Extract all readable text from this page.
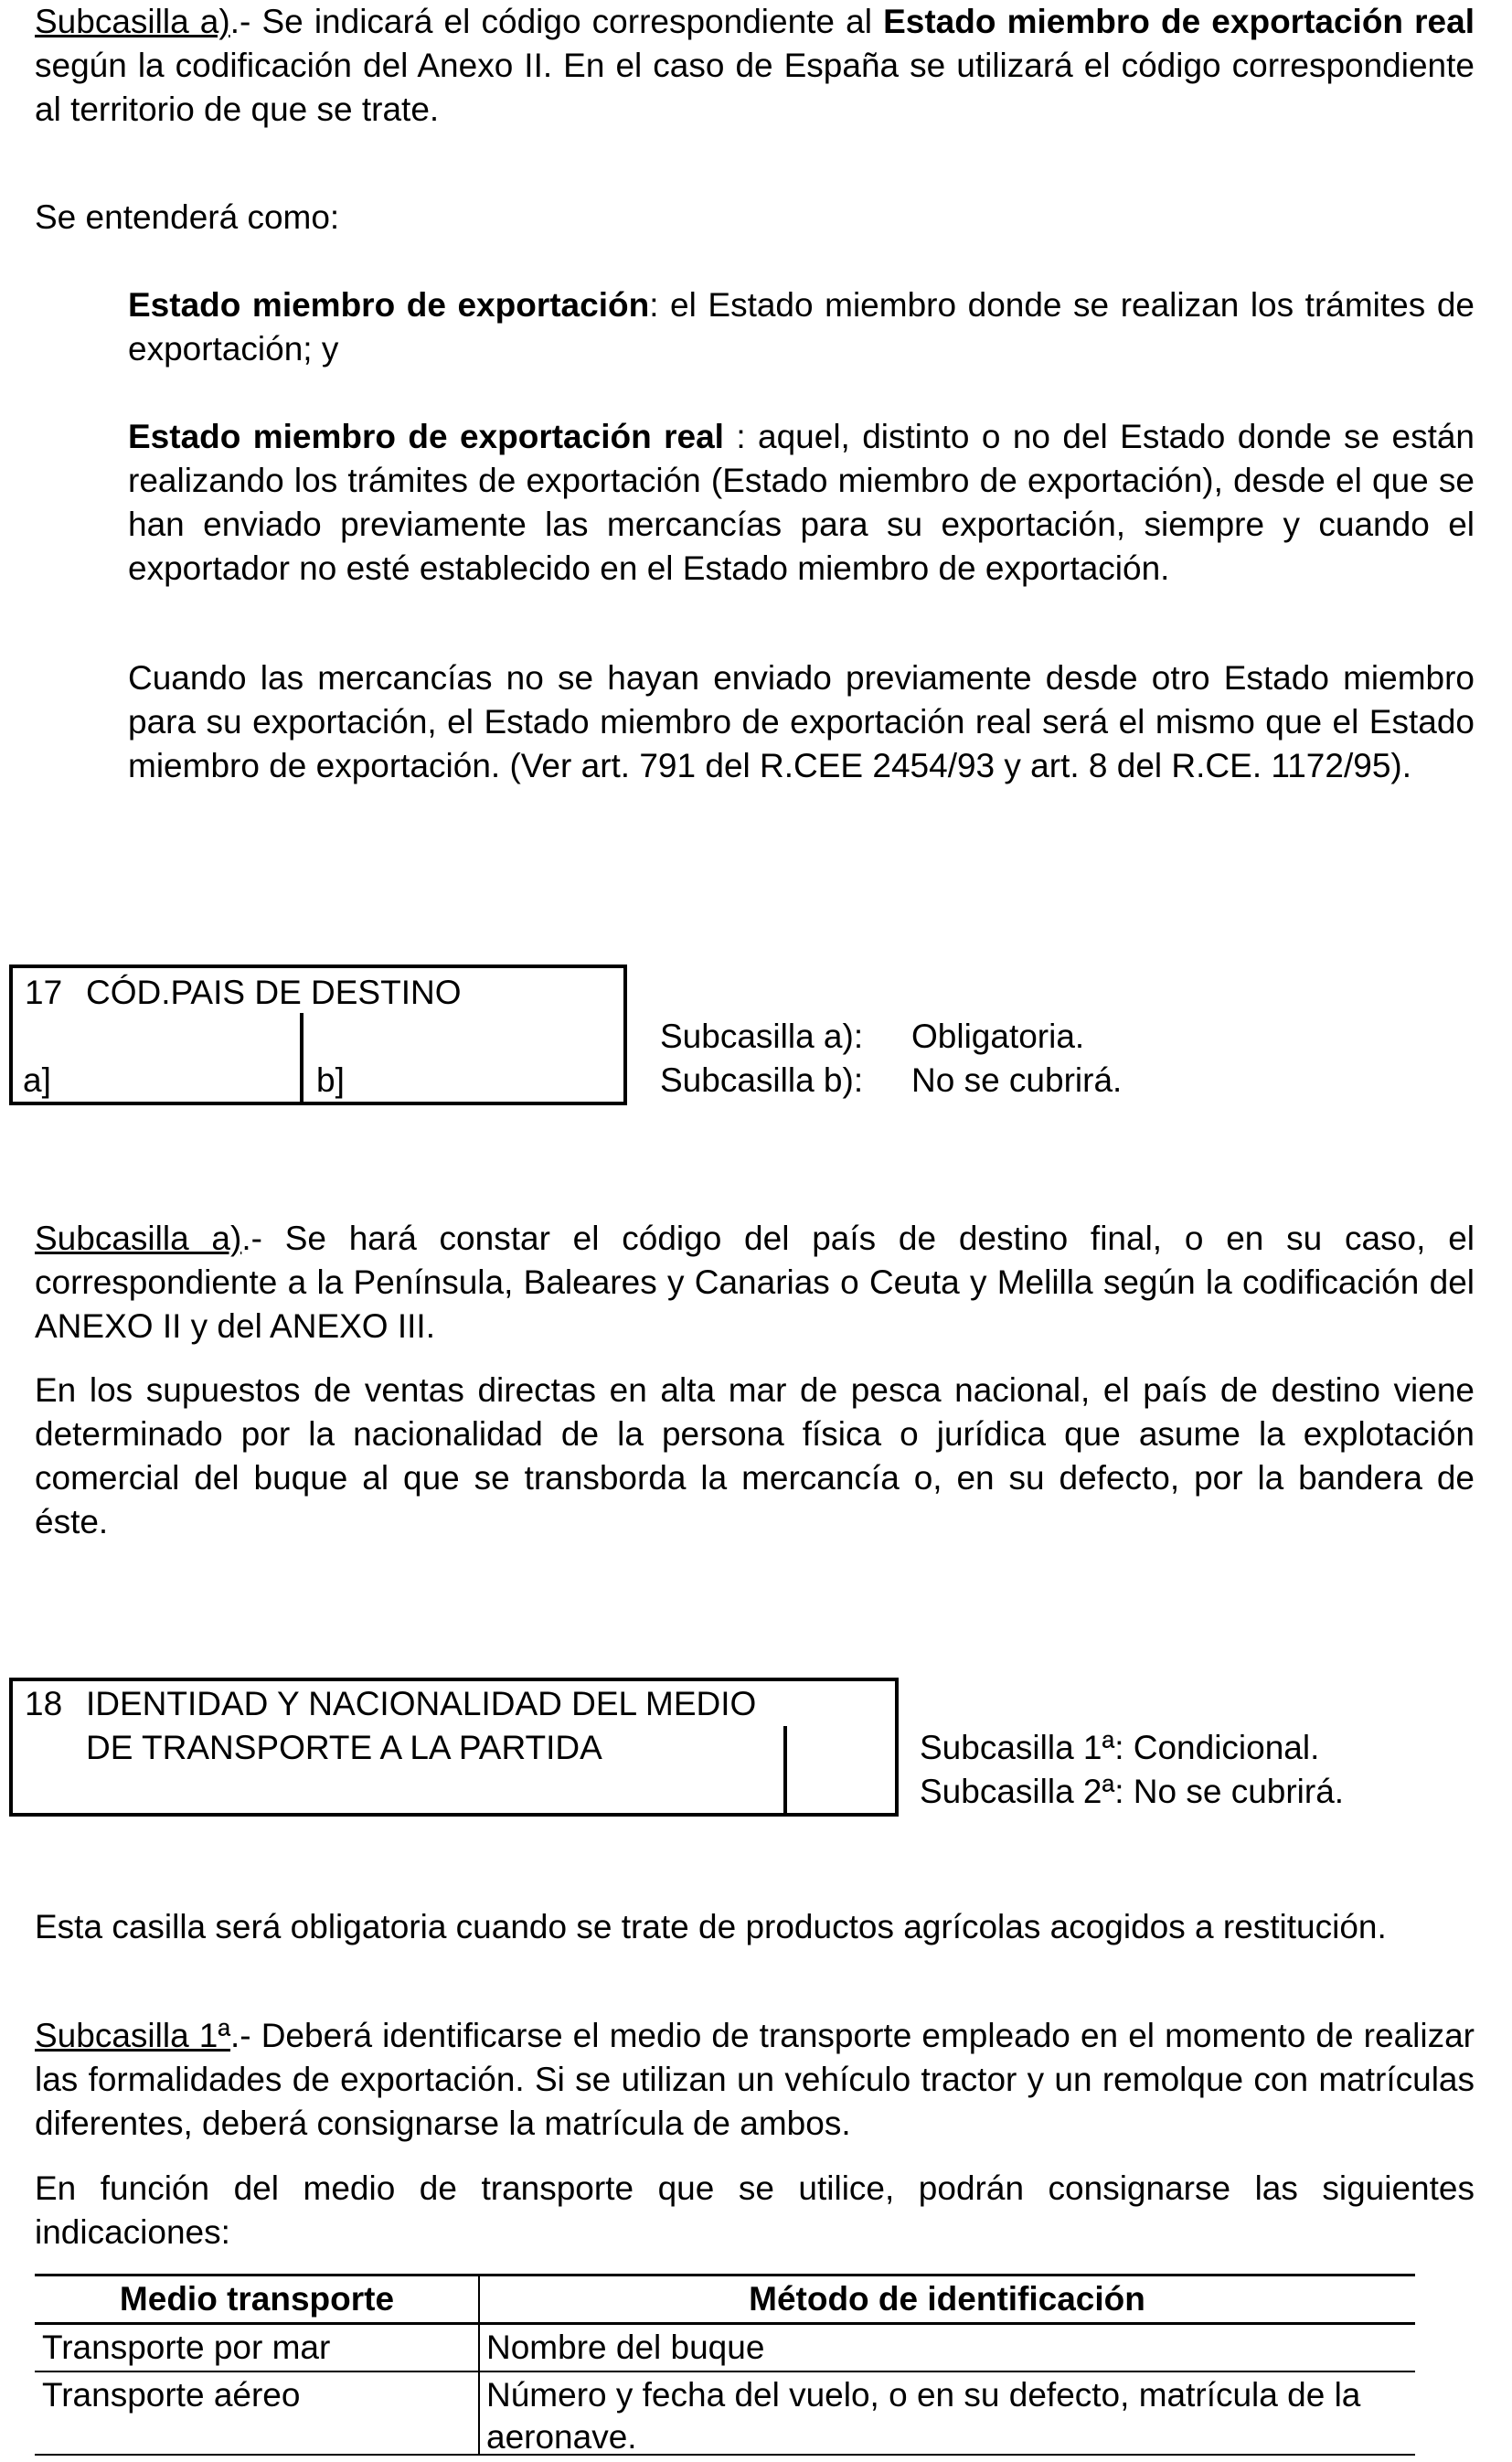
Subcasilla a).- Se indicará el código correspondiente al Estado miembro de exportación real según la codificación del Anexo II. En el caso de España se utilizará el código correspondiente al territorio de que se trate.

Se entenderá como:

Estado miembro de exportación: el Estado miembro donde se realizan los trámites de exportación; y

Estado miembro de exportación real : aquel, distinto o no del Estado donde se están realizando los trámites de exportación (Estado miembro de exportación), desde el que se han enviado previamente las mercancías para su exportación, siempre y cuando el exportador no esté establecido en el Estado miembro de exportación.

Cuando las mercancías no se hayan enviado previamente desde otro Estado miembro para su exportación, el Estado miembro de exportación real será el mismo que el Estado miembro de exportación. (Ver art. 791 del R.CEE 2454/93 y art. 8 del R.CE. 1172/95).

17 CÓD.PAIS DE DESTINO
a]	b]
Subcasilla a): Obligatoria.
Subcasilla b): No se cubrirá.

Subcasilla a).- Se hará constar el código del país de destino final, o en su caso, el correspondiente a la Península, Baleares y Canarias o Ceuta y Melilla según la codificación del ANEXO II y del ANEXO III.

En los supuestos de ventas directas en alta mar de pesca nacional, el país de destino viene determinado por la nacionalidad de la persona física o jurídica que asume la explotación comercial del buque al que se transborda la mercancía o, en su defecto, por la bandera de éste.

18 IDENTIDAD Y NACIONALIDAD DEL MEDIO
DE TRANSPORTE A LA PARTIDA	Subcasilla 1ª: Condicional.
Subcasilla 2ª: No se cubrirá.

Esta casilla será obligatoria cuando se trate de productos agrícolas acogidos a restitución.

Subcasilla 1ª.- Deberá identificarse el medio de transporte empleado en el momento de realizar las formalidades de exportación. Si se utilizan un vehículo tractor y un remolque con matrículas diferentes, deberá consignarse la matrícula de ambos.

En función del medio de transporte que se utilice, podrán consignarse las siguientes indicaciones:

Medio transporte	Método de identificación
Transporte por mar	Nombre del buque
Transporte aéreo	Número y fecha del vuelo, o en su defecto, matrícula de la aeronave.
